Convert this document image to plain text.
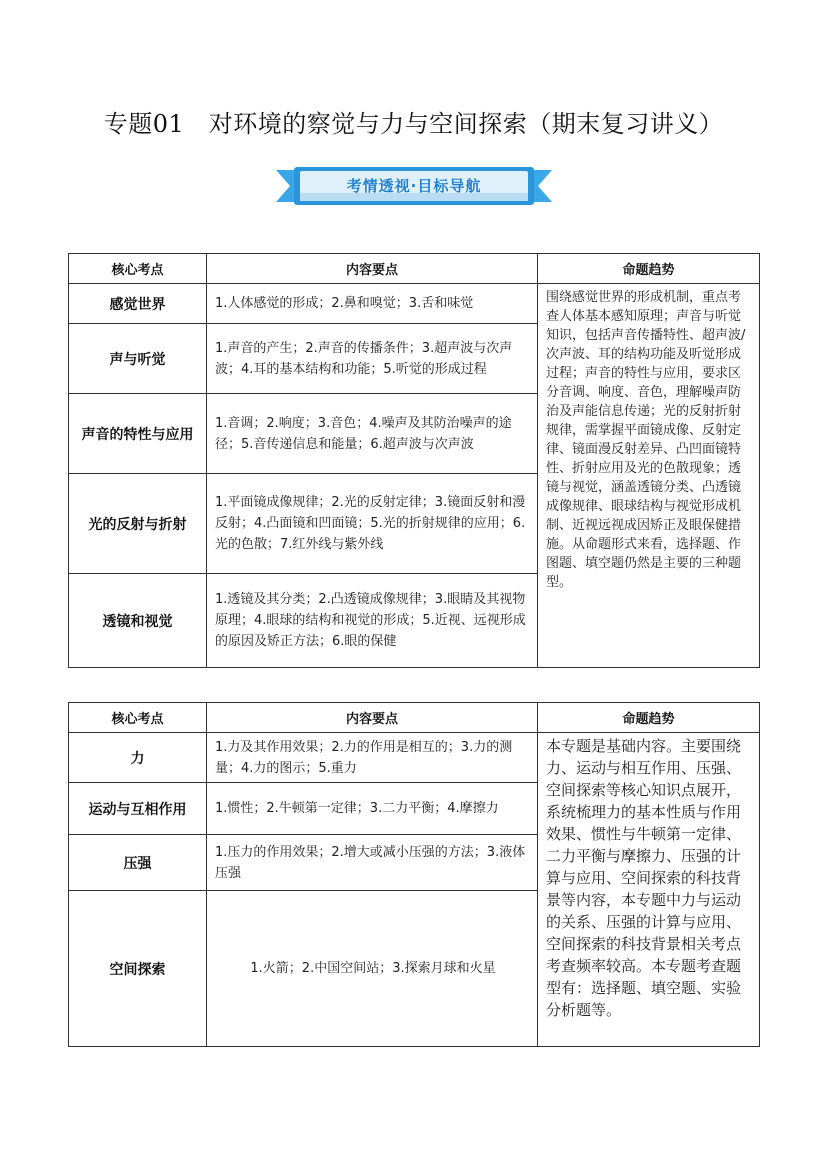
专题01　对环境的察觉与力与空间探索（期末复习讲义）
考情透视·目标导航
核心考点	内容要点	命题趋势
感觉世界	1.人体感觉的形成；2.鼻和嗅觉；3.舌和味觉	围绕感觉世界的形成机制，重点考查人体基本感知原理；声音与听觉知识，包括声音传播特性、超声波/次声波、耳的结构功能及听觉形成过程；声音的特性与应用，要求区分音调、响度、音色，理解噪声防治及声能信息传递；光的反射折射规律，需掌握平面镜成像、反射定律、镜面漫反射差异、凸凹面镜特性、折射应用及光的色散现象；透镜与视觉，涵盖透镜分类、凸透镜成像规律、眼球结构与视觉形成机制、近视远视成因矫正及眼保健措施。从命题形式来看，选择题、作图题、填空题仍然是主要的三种题型。
声与听觉	1.声音的产生；2.声音的传播条件；3.超声波与次声波；4.耳的基本结构和功能；5.听觉的形成过程	
声音的特性与应用	1.音调；2.响度；3.音色；4.噪声及其防治噪声的途径；5.音传递信息和能量；6.超声波与次声波	
光的反射与折射	1.平面镜成像规律；2.光的反射定律；3.镜面反射和漫反射；4.凸面镜和凹面镜；5.光的折射规律的应用；6.光的色散；7.红外线与紫外线	
透镜和视觉	1.透镜及其分类；2.凸透镜成像规律；3.眼睛及其视物原理；4.眼球的结构和视觉的形成；5.近视、远视形成的原因及矫正方法；6.眼的保健	
核心考点	内容要点	命题趋势
力	1.力及其作用效果；2.力的作用是相互的；3.力的测量；4.力的图示；5.重力	本专题是基础内容。主要围绕力、运动与相互作用、压强、空间探索等核心知识点展开，系统梳理力的基本性质与作用效果、惯性与牛顿第一定律、二力平衡与摩擦力、压强的计算与应用、空间探索的科技背景等内容，本专题中力与运动的关系、压强的计算与应用、空间探索的科技背景相关考点考查频率较高。本专题考查题型有：选择题、填空题、实验分析题等。
运动与互相作用	1.惯性；2.牛顿第一定律；3.二力平衡；4.摩擦力	
压强	1.压力的作用效果；2.增大或减小压强的方法；3.液体压强	
空间探索	1.火箭；2.中国空间站；3.探索月球和火星	
